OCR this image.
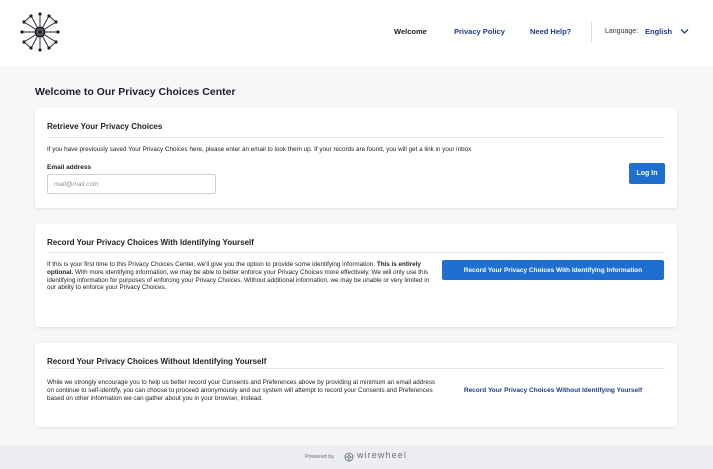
Welcome	Privacy Policy	Need Help?	Language: English
Welcome to Our Privacy Choices Center
Retrieve Your Privacy Choices

If you have previously saved Your Privacy Choices here, please enter an email to look them up. If your records are found, you will get a link in your inbox

Email address
mail@mail.com
Log In
Record Your Privacy Choices With Identifying Yourself

If this is your first time to this Privacy Choices Center, we'll give you the option to provide some identifying information. This is entirely optional. With more identifying information, we may be able to better enforce your Privacy Choices more effectively. We will only use this identifying information for purposes of enforcing your Privacy Choices. Without additional information, we may be unable or very limited in our ability to enforce your Privacy Choices.

Record Your Privacy Choices With Identifying Information
Record Your Privacy Choices Without Identifying Yourself

While we strongly encourage you to help us better record your Consents and Preferences above by providing at minimum an email address on continue to self-identify, you can choose to proceed anonymously and our system will attempt to record your Consents and Preferences based on other information we can gather about you in your browser, instead.

Record Your Privacy Choices Without Identifying Yourself
Powered by	wirewheel
